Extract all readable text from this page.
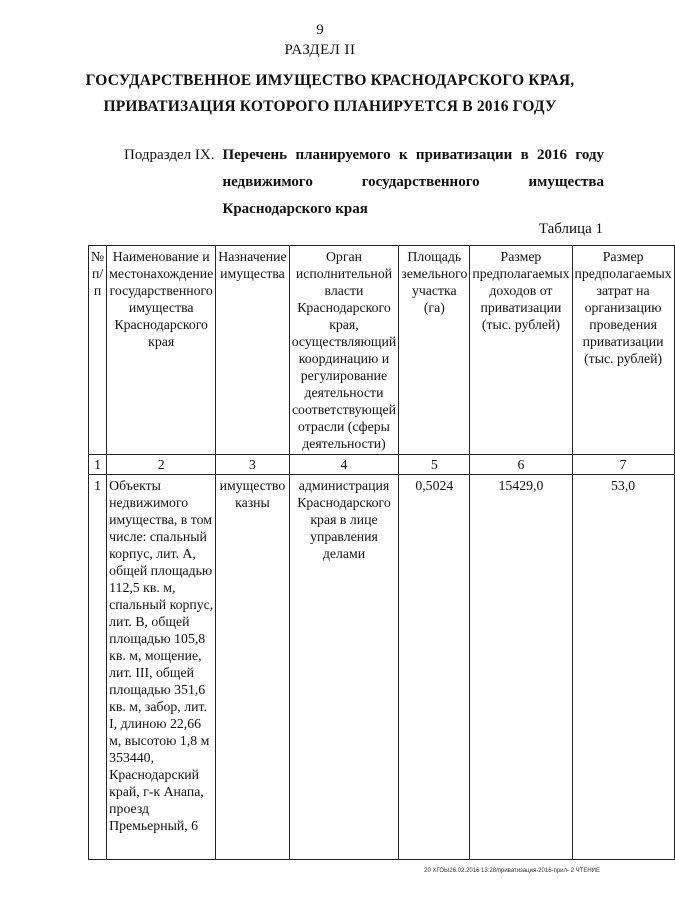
9
РАЗДЕЛ II
ГОСУДАРСТВЕННОЕ ИМУЩЕСТВО КРАСНОДАРСКОГО КРАЯ,
ПРИВАТИЗАЦИЯ КОТОРОГО ПЛАНИРУЕТСЯ В 2016 ГОДУ
Подраздел IX. Перечень планируемого к приватизации в 2016 году недвижимого государственного имущества Краснодарского края
Таблица 1
№ п/п	Наименование и местонахождение государственного имущества Краснодарского края	Назначение имущества	Орган исполнительной власти Краснодарского края, осуществляющий координацию и регулирование деятельности соответствующей отрасли (сферы деятельности)	Площадь земельного участка (га)	Размер предполагаемых доходов от приватизации (тыс. рублей)	Размер предполагаемых затрат на организацию проведения приватизации (тыс. рублей)
1	2	3	4	5	6	7
1	Объекты недвижимого имущества, в том числе: спальный корпус, лит. А, общей площадью 112,5 кв. м, спальный корпус, лит. В, общей площадью 105,8 кв. м, мощение, лит. III, общей площадью 351,6 кв. м, забор, лит. I, длиною 22,66 м, высотою 1,8 м 353440, Краснодарский край, г-к Анапа, проезд Премьерный, 6	имущество казны	администрация Краснодарского края в лице управления делами	0,5024	15429,0	53,0
20 ХГОЫ26.02.2016 13:28/приватизация-2016-прил- 2 ЧТЕНИЕ
